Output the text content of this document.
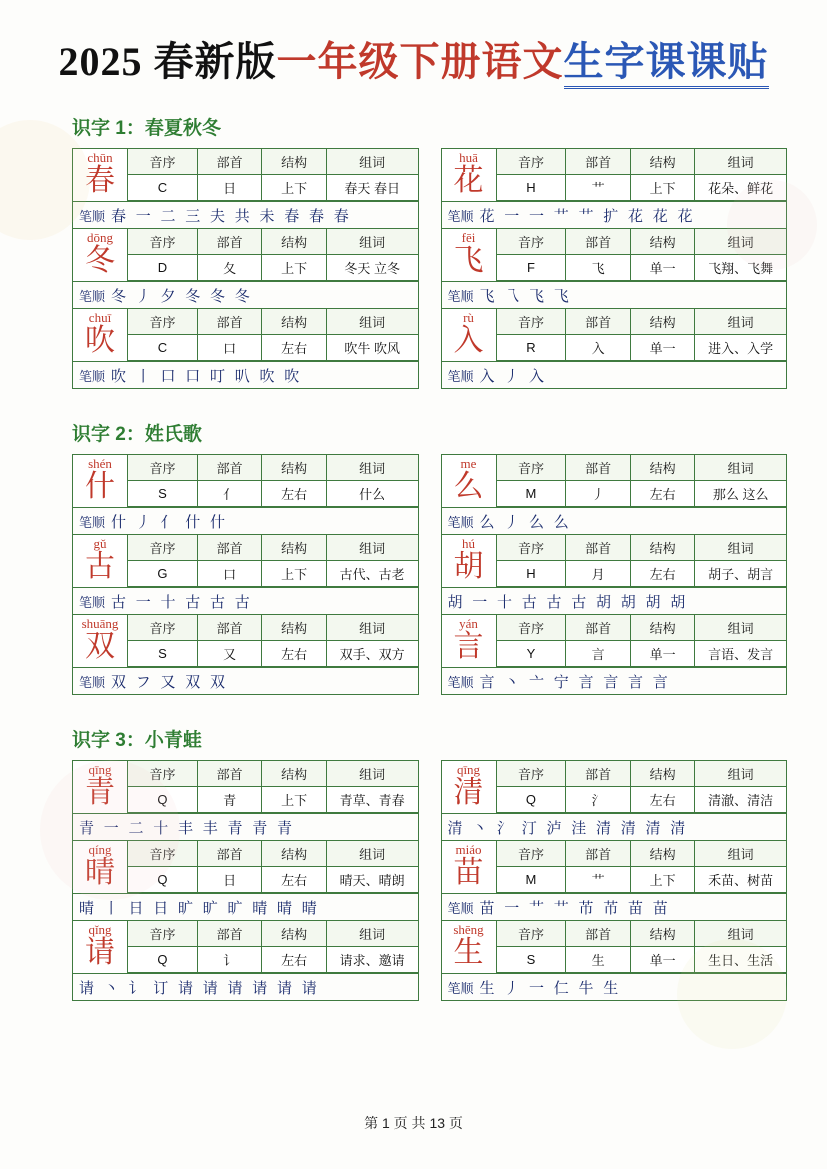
2025 春新版一年级下册语文生字课课贴
识字 1：春夏秋冬
chūn
春
音序	部首	结构	组词
C	日	上下	春天 春日
笔顺 春 一 二 三 夫 共 未 春 春 春
dōng
冬
音序	部首	结构	组词
D	夂	上下	冬天 立冬
笔顺 冬 丿 夕 冬 冬 冬
chuī
吹
音序	部首	结构	组词
C	口	左右	吹牛 吹风
笔顺 吹 丨 口 口 叮 叭 吹 吹
huā
花
音序	部首	结构	组词
H	艹	上下	花朵、鲜花
笔顺 花 一 一 艹 艹 扩 花 花 花
fēi
飞
音序	部首	结构	组词
F	飞	单一	飞翔、飞舞
笔顺 飞 乁 飞 飞
rù
入
音序	部首	结构	组词
R	入	单一	进入、入学
笔顺 入 丿 入
识字 2：姓氏歌
shén
什
音序	部首	结构	组词
S	亻	左右	什么
笔顺 什 丿 亻 什 什
gǔ
古
音序	部首	结构	组词
G	口	上下	古代、古老
笔顺 古 一 十 古 古 古
shuāng
双
音序	部首	结构	组词
S	又	左右	双手、双方
笔顺 双 フ 又 双 双
me
么
音序	部首	结构	组词
M	丿	左右	那么 这么
笔顺 么 丿 么 么
hú
胡
音序	部首	结构	组词
H	月	左右	胡子、胡言
胡 一 十 古 古 古 胡 胡 胡 胡
yán
言
音序	部首	结构	组词
Y	言	单一	言语、发言
笔顺 言 丶 亠 宁 言 言 言 言
识字 3：小青蛙
qīng
青
音序	部首	结构	组词
Q	青	上下	青草、青春
青 一 二 十 丰 丰 青 青 青
qíng
晴
音序	部首	结构	组词
Q	日	左右	晴天、晴朗
晴 丨 日 日 旷 旷 旷 晴 晴 晴
qǐng
请
音序	部首	结构	组词
Q	讠	左右	请求、邀请
请 丶 讠 订 请 请 请 请 请 请
qīng
清
音序	部首	结构	组词
Q	氵	左右	清澈、清洁
清 丶 氵 汀 泸 洼 清 清 清 清
miáo
苗
音序	部首	结构	组词
M	艹	上下	禾苗、树苗
笔顺 苗 一 艹 艹 芇 芇 苗 苗
shēng
生
音序	部首	结构	组词
S	生	单一	生日、生活
笔顺 生 丿 一 仁 牛 生
第 1 页 共 13 页
